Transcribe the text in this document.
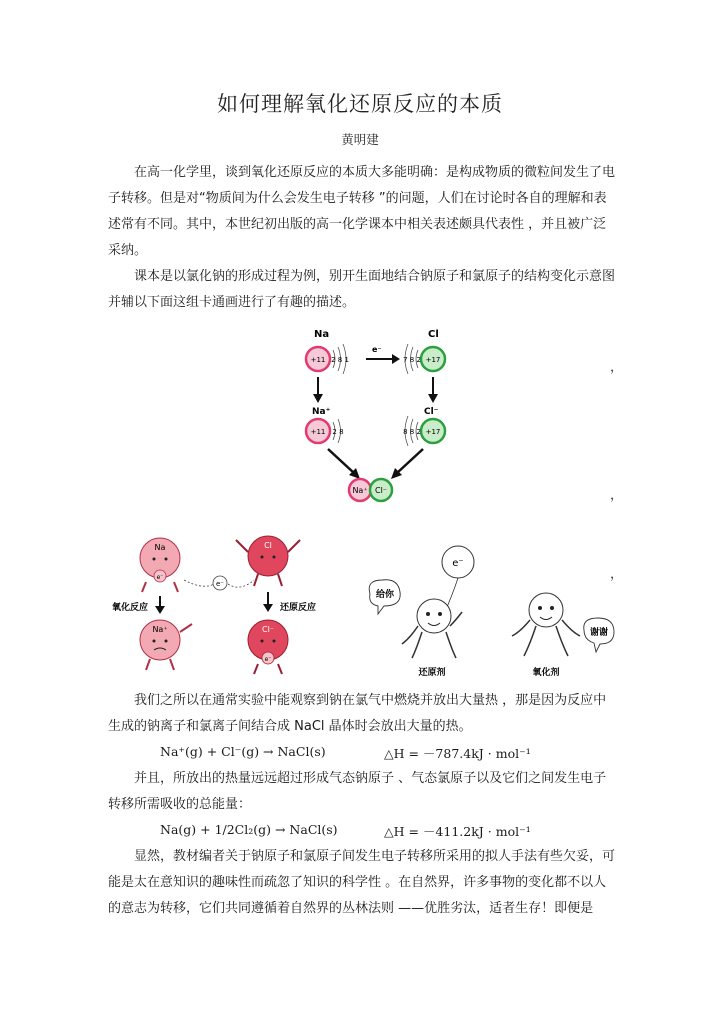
如何理解氧化还原反应的本质
黄明建

在高一化学里，谈到氧化还原反应的本质大多能明确：是构成物质的微粒间发生了电子转移。但是对“物质间为什么会发生电子转移 ”的问题，人们在讨论时各自的理解和表述常有不同。其中，本世纪初出版的高一化学课本中相关表述颇具代表性 ，并且被广泛采纳。

课本是以氯化钠的形成过程为例，别开生面地结合钠原子和氯原子的结构变化示意图并辅以下面这组卡通画进行了有趣的描述。

Na
+11 2 8 1
e⁻
Cl
+17
7 8 2
Na⁺
+11 2 8
Cl⁻
+17
8 8 2
Na⁺ Cl⁻
，
，
，
Na
e⁻
e⁻
Cl
氧化反应	还原反应
Na⁺	Cl⁻
e⁻
e⁻
给你
还原剂
谢谢
氧化剂

我们之所以在通常实验中能观察到钠在氯气中燃烧并放出大量热 ，那是因为反应中生成的钠离子和氯离子间结合成 NaCl 晶体时会放出大量的热。

Na⁺(g) + Cl⁻(g) → NaCl(s)	△H = －787.4kJ · mol⁻¹

并且，所放出的热量远远超过形成气态钠原子 、气态氯原子以及它们之间发生电子转移所需吸收的总能量：

Na(g) + 1/2Cl₂(g) → NaCl(s)	△H = －411.2kJ · mol⁻¹

显然，教材编者关于钠原子和氯原子间发生电子转移所采用的拟人手法有些欠妥，可能是太在意知识的趣味性而疏忽了知识的科学性 。在自然界，许多事物的变化都不以人的意志为转移，它们共同遵循着自然界的丛林法则 ——优胜劣汰，适者生存！即便是
